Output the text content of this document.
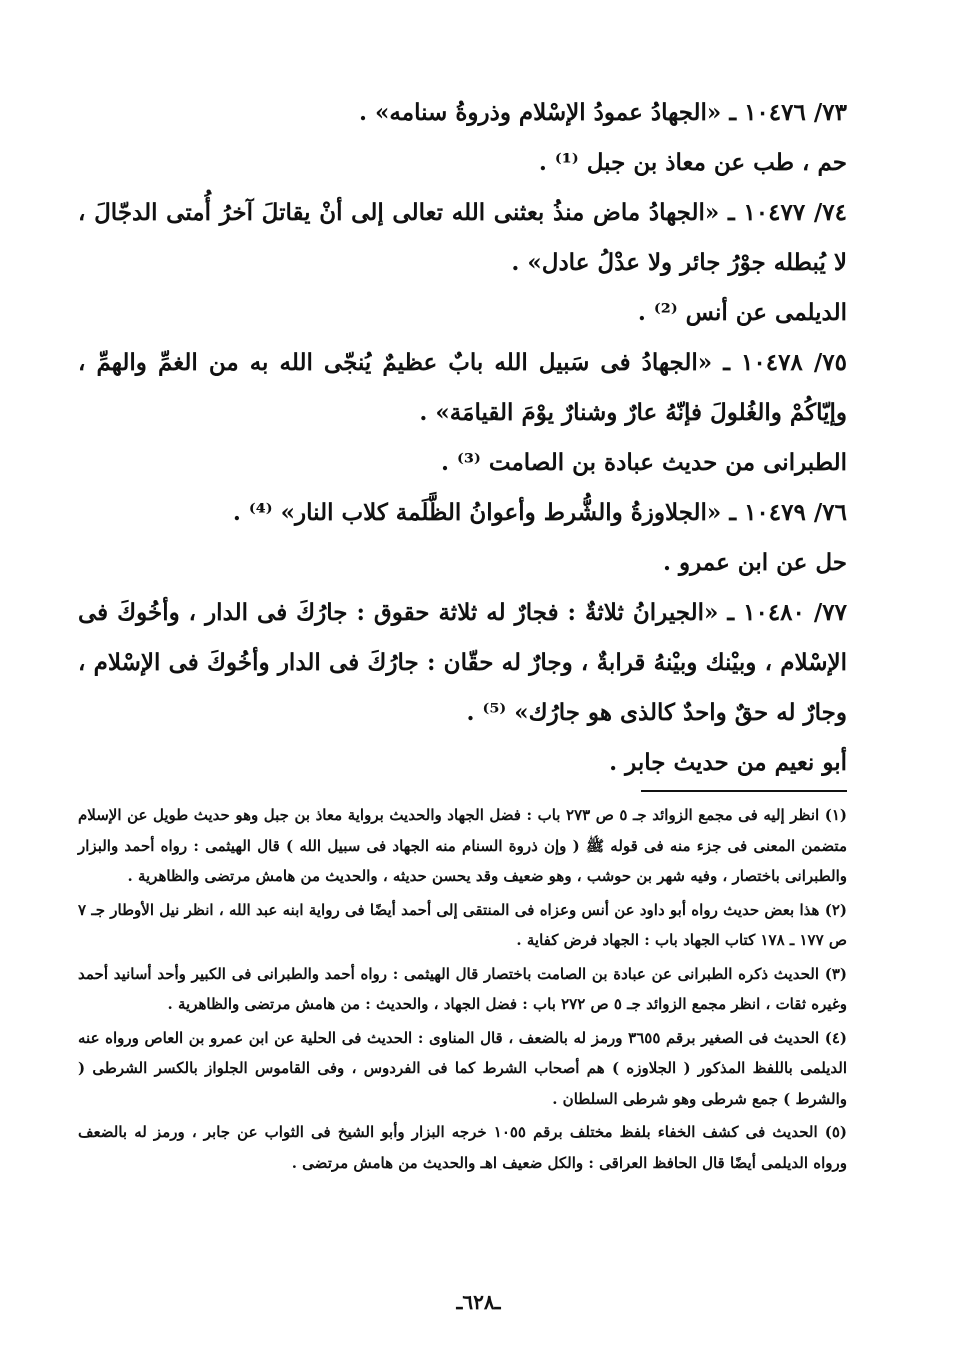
٧٣/ ١٠٤٧٦ ـ «الجهادُ عمودُ الإسْلام وذروةُ سنامه» .

حم ، طب عن معاذ بن جبل ⁽¹⁾ .

٧٤/ ١٠٤٧٧ ـ «الجهادُ ماض منذُ بعثنى الله تعالى إلى أنْ يقاتلَ آخرُ أُمتى الدجّالَ ، لا يُبطله جوْرُ جائر ولا عدْلُ عادل» .

الديلمى عن أنس ⁽²⁾ .

٧٥/ ١٠٤٧٨ ـ «الجهادُ فى سَبيل الله بابٌ عظيمٌ يُنجّى الله به من الغمِّ والهمِّ ، وإيّاكُمْ والغُلولَ فإنّهُ عارٌ وشنارٌ يوْمَ القيامَة» .

الطبرانى من حديث عبادة بن الصامت ⁽³⁾ .

٧٦/ ١٠٤٧٩ ـ «الجلاوزةُ والشُّرط وأعوانُ الظَّلَمة كلاب النار» ⁽⁴⁾ .

حل عن ابن عمرو .

٧٧/ ١٠٤٨٠ ـ «الجيرانُ ثلاثةٌ : فجارٌ له ثلاثة حقوق : جارُكَ فى الدار ، وأخُوكَ فى الإسْلام ، وبيْنك وبيْنهُ قرابةٌ ، وجارٌ له حقّان : جارُكَ فى الدار وأخُوكَ فى الإسْلام ، وجارٌ له حقٌ واحدٌ كالذى هو جارُك» ⁽⁵⁾ .

أبو نعيم من حديث جابر .

(١) انظر إليه فى مجمع الزوائد جـ ٥ ص ٢٧٣ باب : فضل الجهاد والحديث برواية معاذ بن جبل وهو حديث طويل عن الإسلام متضمن المعنى فى جزء منه فى قوله ﷺ ( وإن ذروة السنام منه الجهاد فى سبيل الله ) قال الهيثمى : رواه أحمد والبزار والطبرانى باختصار ، وفيه شهر بن حوشب ، وهو ضعيف وقد يحسن حديثه ، والحديث من هامش مرتضى والظاهرية .

(٢) هذا بعض حديث رواه أبو داود عن أنس وعزاه فى المنتقى إلى أحمد أيضًا فى رواية ابنه عبد الله ، انظر نيل الأوطار جـ ٧ ص ١٧٧ ـ ١٧٨ كتاب الجهاد باب : الجهاد فرض كفاية .

(٣) الحديث ذكره الطبرانى عن عبادة بن الصامت باختصار قال الهيثمى : رواه أحمد والطبرانى فى الكبير وأحد أسانيد أحمد وغيره ثقات ، انظر مجمع الزوائد جـ ٥ ص ٢٧٢ باب : فضل الجهاد ، والحديث : من هامش مرتضى والظاهرية .

(٤) الحديث فى الصغير برقم ٣٦٥٥ ورمز له بالضعف ، قال المناوى : الحديث فى الحلية عن ابن عمرو بن العاص ورواه عنه الديلمى باللفظ المذكور ( الجلاوزه ) هم أصحاب الشرط كما فى الفردوس ، وفى القاموس الجلواز بالكسر الشرطى ( والشرط ) جمع شرطى وهو شرطى السلطان .

(٥) الحديث فى كشف الخفاء بلفظ مختلف برقم ١٠٥٥ خرجه البزار وأبو الشيخ فى الثواب عن جابر ، ورمز له بالضعف ورواه الديلمى أيضًا قال الحافظ العراقى : والكل ضعيف اهـ والحديث من هامش مرتضى .

ـ٦٢٨ـ
